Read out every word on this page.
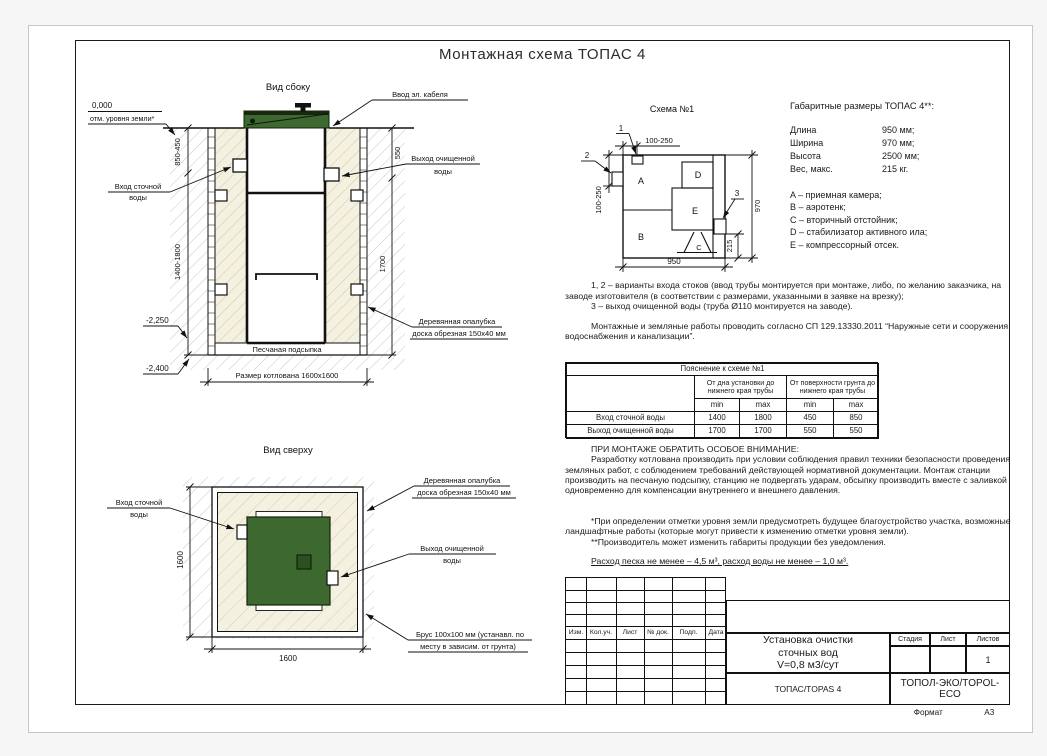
Монтажная схема ТОПАС 4
Вид сбоку
Песчаная подсыпка
850-450
1400-1800
550
1700
0,000
отм. уровня земли*
-2,250
-2,400
Вход сточной
воды
Ввод эл. кабеля
Выход очищенной
воды
Деревянная опалубка
доска обрезная 150х40 мм
Размер котлована 1600х1600
Вид сверху
1600
1600
Вход сточной
воды
Деревянная опалубка
доска обрезная 150х40 мм
Выход очищенной
воды
Брус 100х100 мм (устанавл. по
месту в зависим. от грунта)
Схема №1
A
B
C
D
E
1
2
3
100-250
100-250	970
215
950
Габаритные размеры ТОПАС 4**:
Длина	950 мм;
Ширина	970 мм;
Высота	2500 мм;
Вес, макс.	215 кг.
A – приемная камера;
B – аэротенк;
C – вторичный отстойник;
D – стабилизатор активного ила;
E – компрессорный отсек.

1, 2 – варианты входа стоков (ввод трубы монтируется при монтаже, либо, по желанию заказчика, на заводе изготовителя (в соответствии с размерами, указанными в заявке на врезку);

3 – выход очищенной воды (труба Ø110 монтируется на заводе).

Монтажные и земляные работы проводить согласно СП 129.13330.2011 “Наружные сети и сооружения водоснабжения и канализации”.

Пояснение к схеме №1
От дна установки до нижнего края трубы
От поверхности грунта до нижнего края трубы
min	max	min	max
Вход сточной воды	1400	1800	450	850
Выход очищенной воды	1700	1700	550	550

ПРИ МОНТАЖЕ ОБРАТИТЬ ОСОБОЕ ВНИМАНИЕ:

Разработку котлована производить при условии соблюдения правил техники безопасности проведения земляных работ, с соблюдением требований действующей нормативной документации. Монтаж станции производить на песчаную подсыпку, станцию не подвергать ударам, обсыпку производить вместе с заливкой одновременно для компенсации внутреннего и внешнего давления.

*При определении отметки уровня земли предусмотреть будущее благоустройство участка, возможные ландшафтные работы (которые могут привести к изменению отметки уровня земли).

**Производитель может изменить габариты продукции без уведомления.

Расход песка не менее – 4,5 м³, расход воды не менее – 1,0 м³.

Изм. Кол.уч.	Лист	№ док.	Подп.	Дата
Установка очистки
сточных вод
V=0,8 м3/сут
Стадия	Лист	Листов
1
ТОПАС/TOPAS 4	ТОПОЛ-ЭКО/TOPOL-ECO
Формат	А3
